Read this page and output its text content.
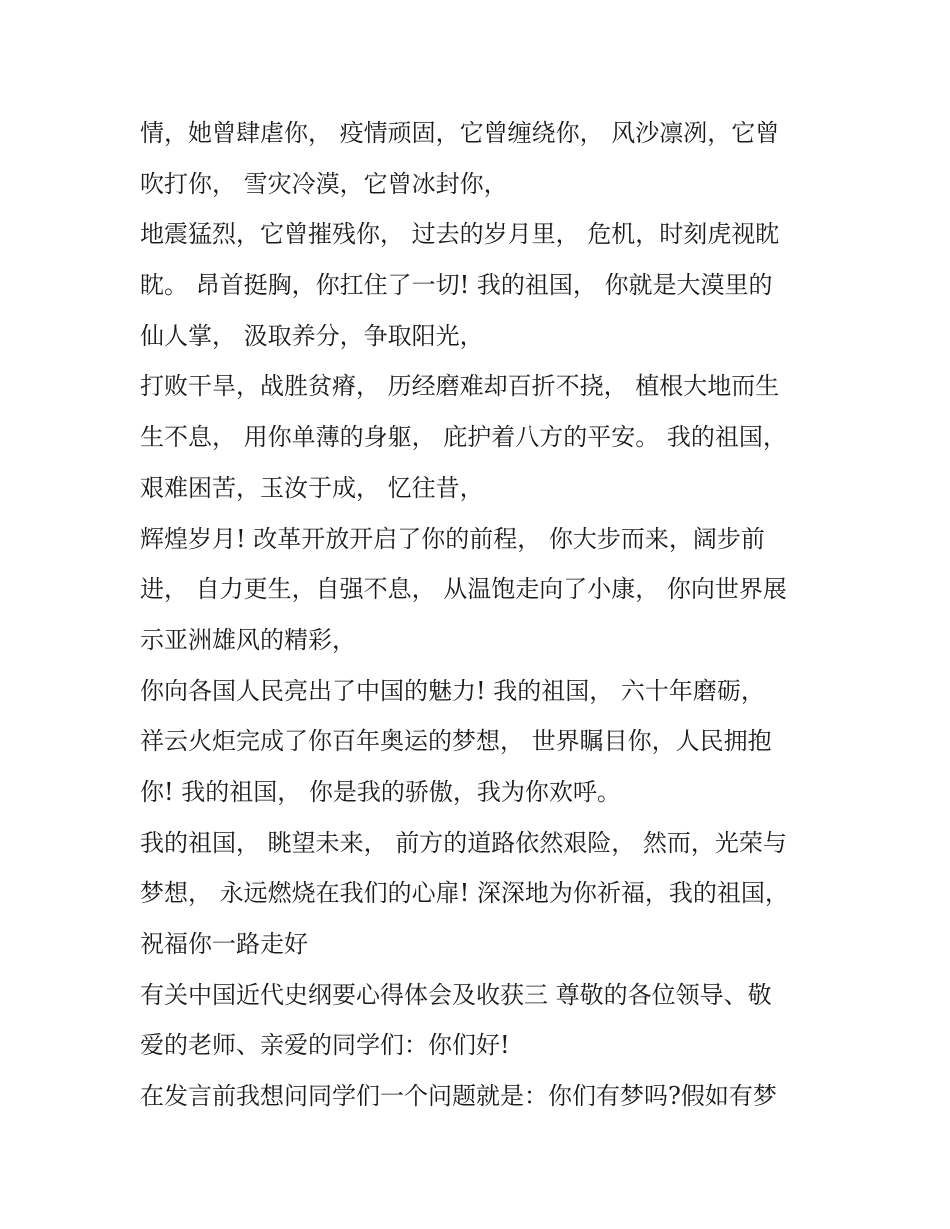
情，她曾肆虐你， 疫情顽固，它曾缠绕你， 风沙凛冽，它曾

吹打你， 雪灾冷漠，它曾冰封你，

地震猛烈，它曾摧残你， 过去的岁月里， 危机，时刻虎视眈

眈。 昂首挺胸，你扛住了一切! 我的祖国， 你就是大漠里的

仙人掌， 汲取养分，争取阳光，

打败干旱，战胜贫瘠， 历经磨难却百折不挠， 植根大地而生

生不息， 用你单薄的身躯， 庇护着八方的平安。 我的祖国，

艰难困苦，玉汝于成， 忆往昔，

辉煌岁月! 改革开放开启了你的前程， 你大步而来，阔步前

进， 自力更生，自强不息， 从温饱走向了小康， 你向世界展

示亚洲雄风的精彩，

你向各国人民亮出了中国的魅力! 我的祖国， 六十年磨砺，

祥云火炬完成了你百年奥运的梦想， 世界瞩目你，人民拥抱

你! 我的祖国， 你是我的骄傲，我为你欢呼。

我的祖国， 眺望未来， 前方的道路依然艰险， 然而，光荣与

梦想， 永远燃烧在我们的心扉! 深深地为你祈福，我的祖国，

祝福你一路走好

有关中国近代史纲要心得体会及收获三 尊敬的各位领导、敬

爱的老师、亲爱的同学们：你们好!

在发言前我想问同学们一个问题就是：你们有梦吗?假如有梦
